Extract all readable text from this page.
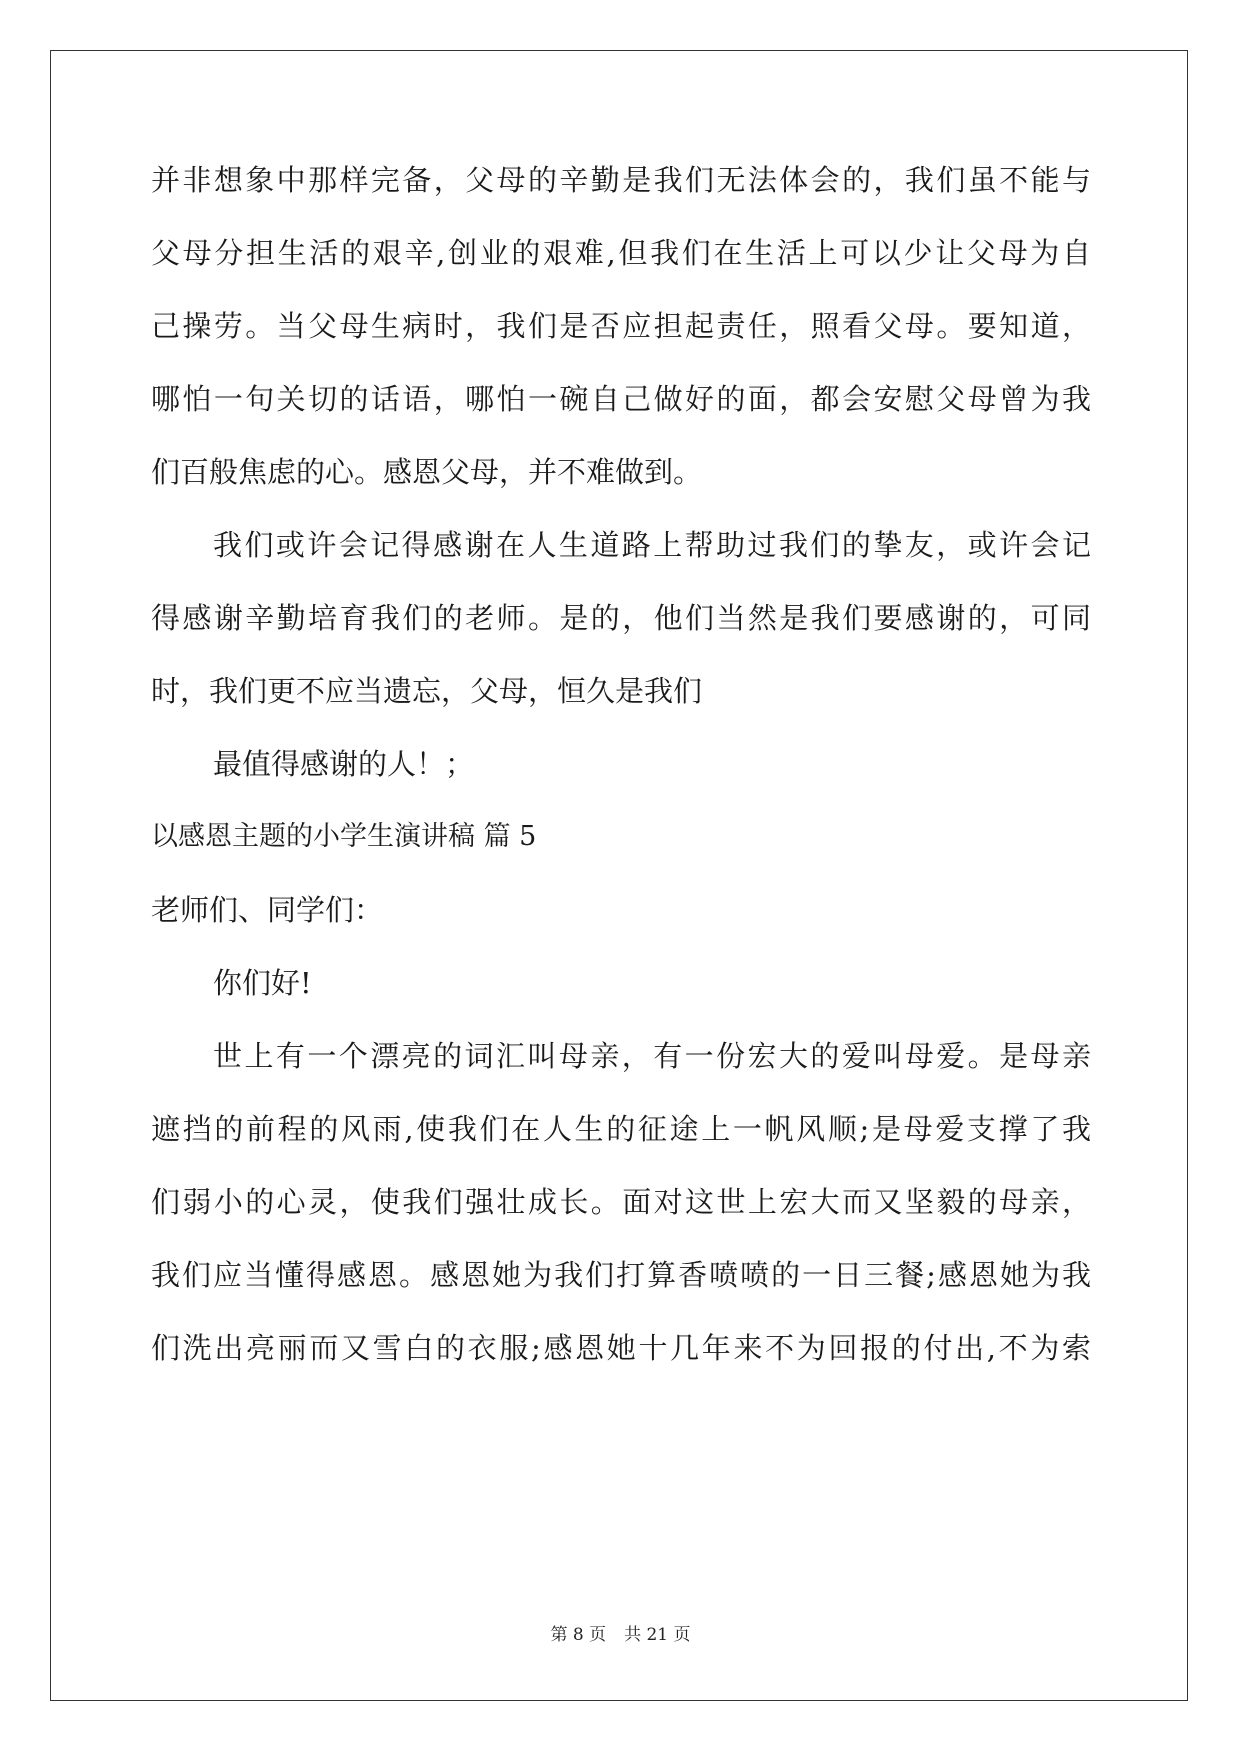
并非想象中那样完备，父母的辛勤是我们无法体会的，我们虽不能与
父母分担生活的艰辛,创业的艰难,但我们在生活上可以少让父母为自
己操劳。当父母生病时，我们是否应担起责任，照看父母。要知道，
哪怕一句关切的话语，哪怕一碗自己做好的面，都会安慰父母曾为我
们百般焦虑的心。感恩父母，并不难做到。
我们或许会记得感谢在人生道路上帮助过我们的挚友，或许会记
得感谢辛勤培育我们的老师。是的，他们当然是我们要感谢的，可同
时，我们更不应当遗忘，父母，恒久是我们
最值得感谢的人！；
以感恩主题的小学生演讲稿 篇 5
老师们、同学们：
你们好!
世上有一个漂亮的词汇叫母亲，有一份宏大的爱叫母爱。是母亲
遮挡的前程的风雨,使我们在人生的征途上一帆风顺;是母爱支撑了我
们弱小的心灵，使我们强壮成长。面对这世上宏大而又坚毅的母亲，
我们应当懂得感恩。感恩她为我们打算香喷喷的一日三餐;感恩她为我
们洗出亮丽而又雪白的衣服;感恩她十几年来不为回报的付出,不为索
第 8 页 共 21 页
